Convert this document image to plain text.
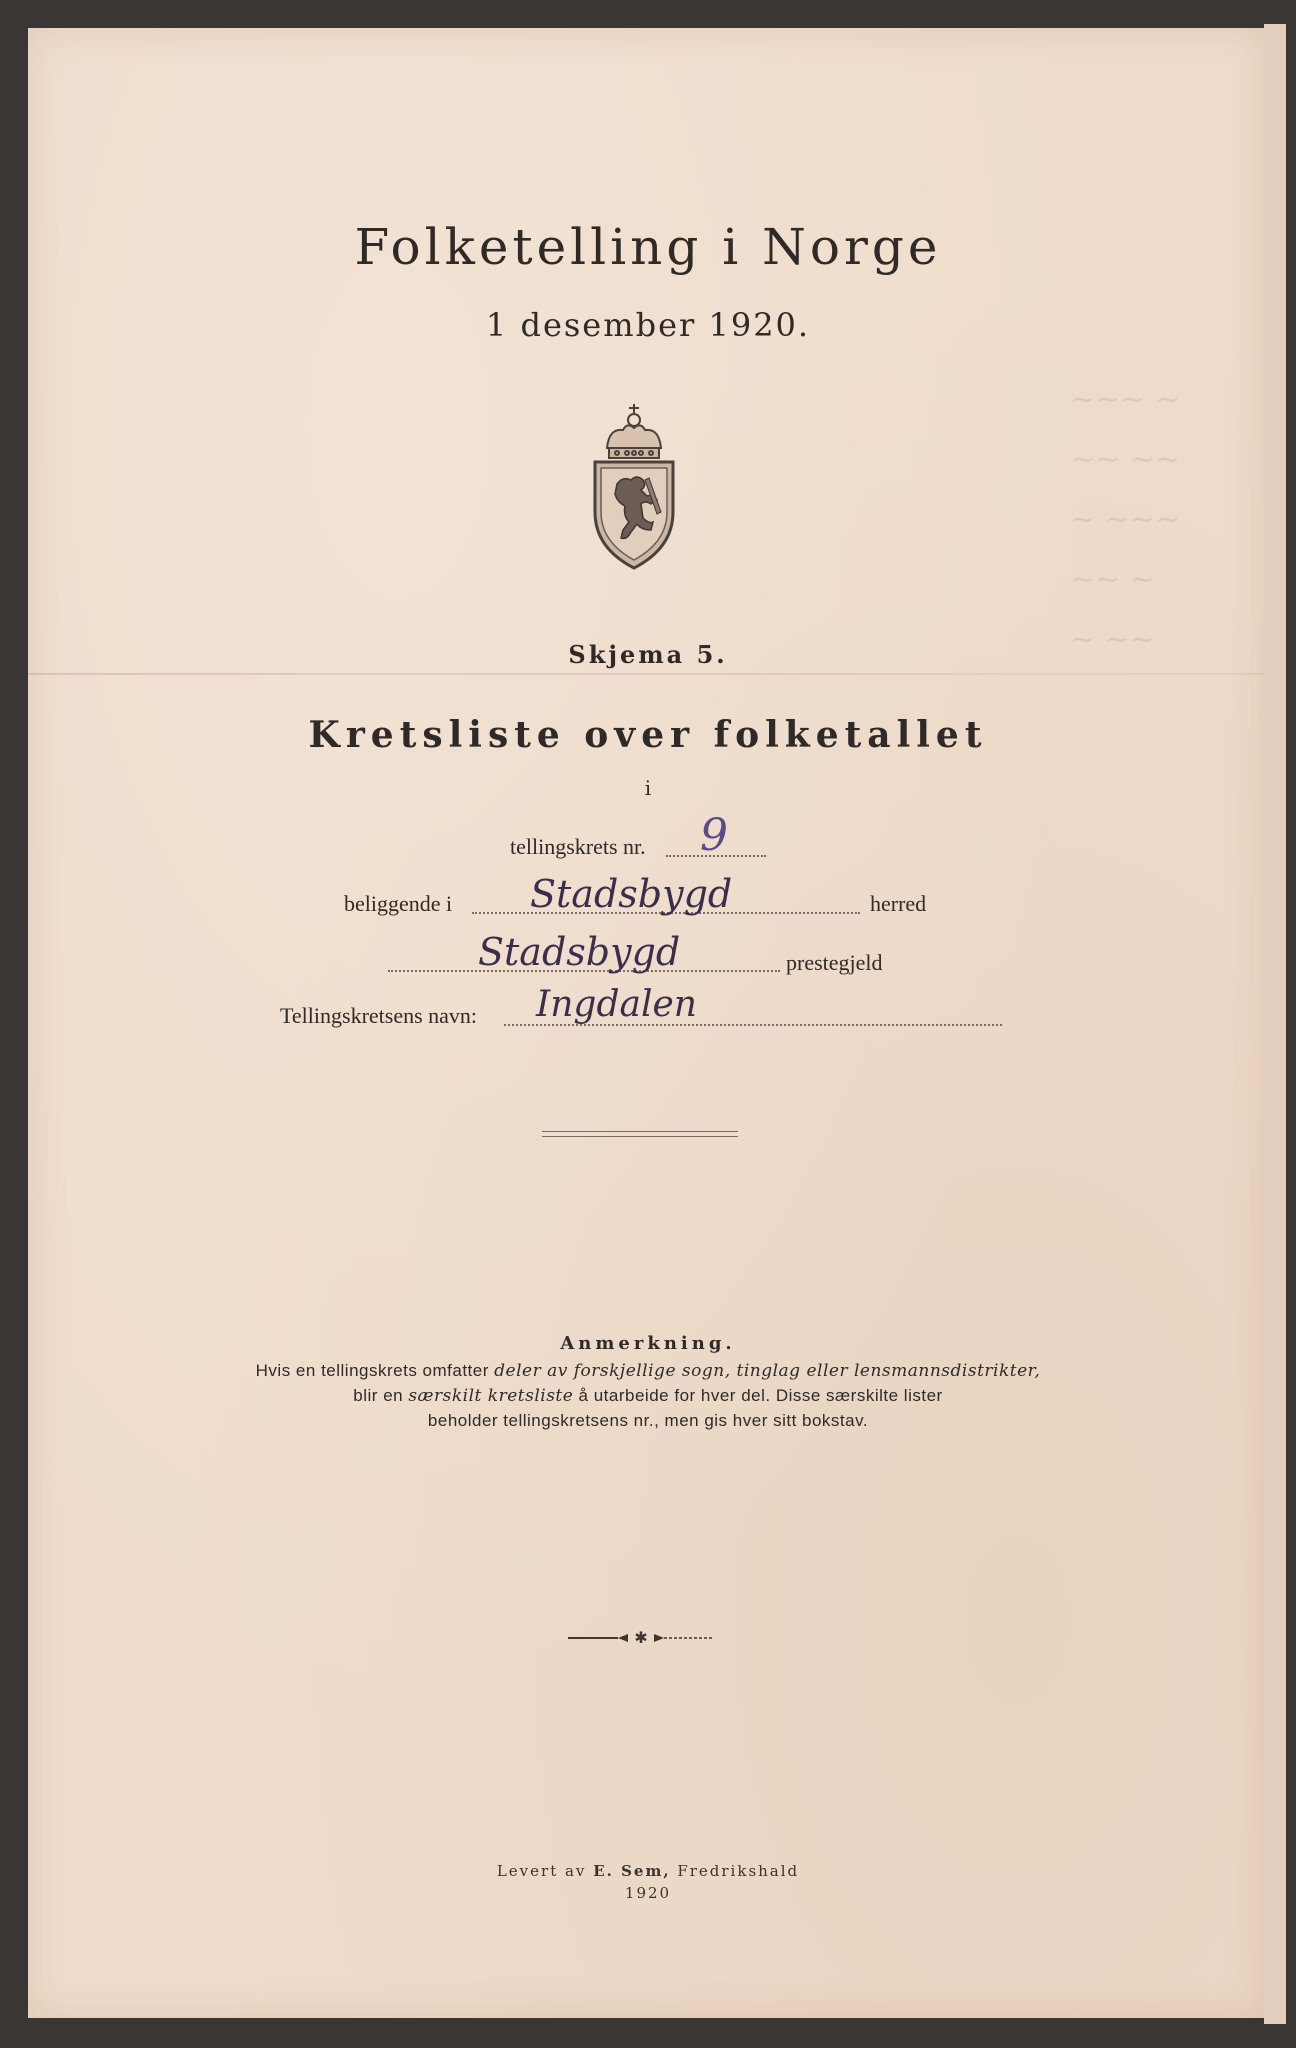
~~~ ~
~~ ~~
~ ~~~
~~ ~
~ ~~
Folketelling i Norge
1 desember 1920.
Skjema 5.
Kretsliste over folketallet
i
tellingskrets nr. 9
beliggende i Stadsbygd	herred
Stadsbygd	prestegjeld
Tellingskretsens navn: Ingdalen
Anmerkning.
Hvis en tellingskrets omfatter deler av forskjellige sogn, tinglag eller lensmannsdistrikter,
blir en særskilt kretsliste å utarbeide for hver del. Disse særskilte lister
beholder tellingskretsens nr., men gis hver sitt bokstav.
✱
Levert av E. Sem, Fredrikshald
1920
